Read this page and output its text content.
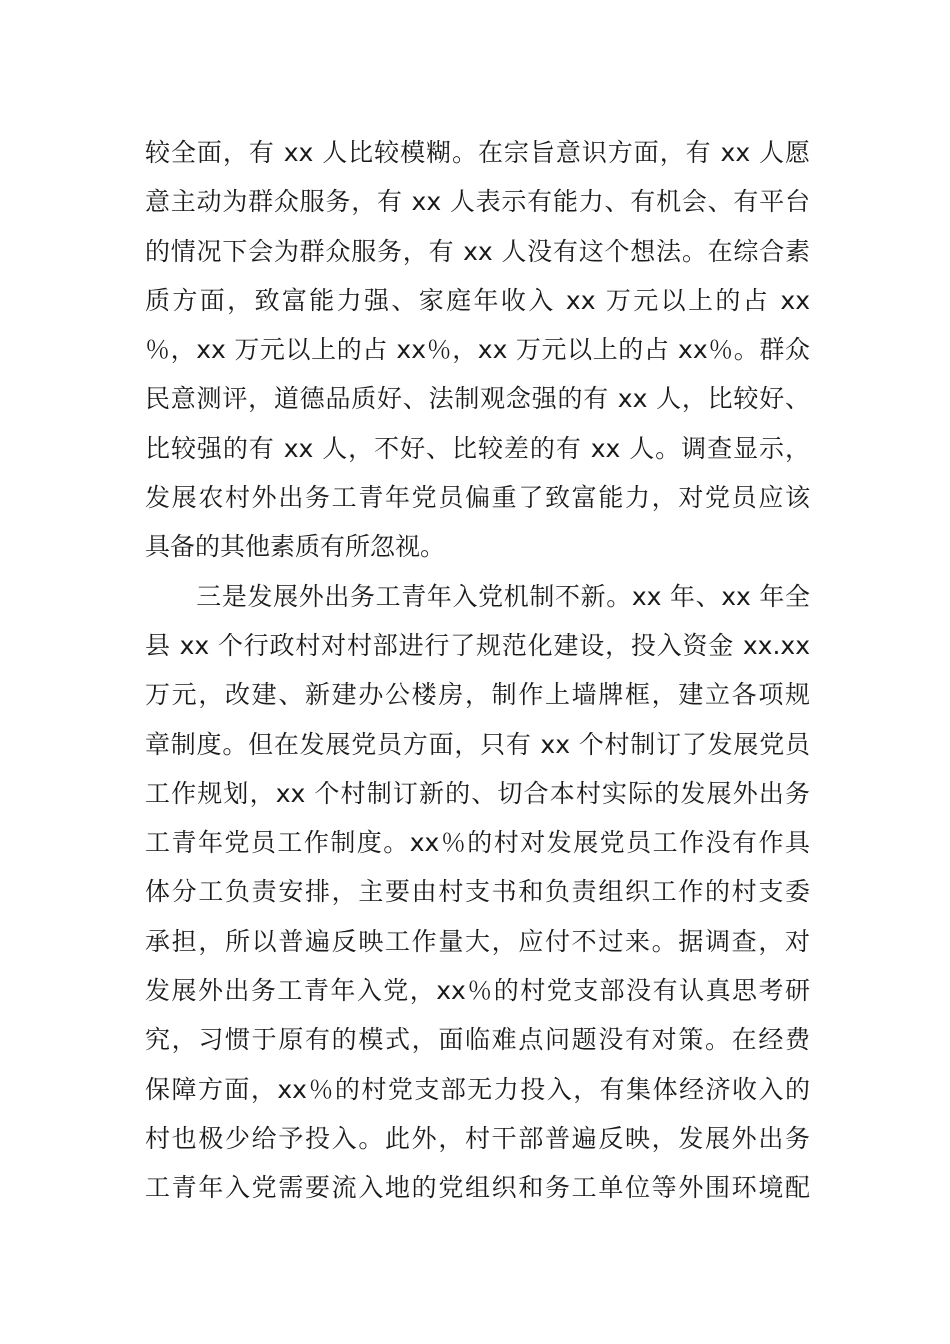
较全面，有 xx 人比较模糊。在宗旨意识方面，有 xx 人愿
意主动为群众服务，有 xx 人表示有能力、有机会、有平台
的情况下会为群众服务，有 xx 人没有这个想法。在综合素
质方面，致富能力强、家庭年收入 xx 万元以上的占 xx
％，xx 万元以上的占 xx％，xx 万元以上的占 xx％。群众
民意测评，道德品质好、法制观念强的有 xx 人，比较好、
比较强的有 xx 人，不好、比较差的有 xx 人。调查显示，
发展农村外出务工青年党员偏重了致富能力，对党员应该
具备的其他素质有所忽视。
　　三是发展外出务工青年入党机制不新。xx 年、xx 年全
县 xx 个行政村对村部进行了规范化建设，投入资金 xx.xx
万元，改建、新建办公楼房，制作上墙牌框，建立各项规
章制度。但在发展党员方面，只有 xx 个村制订了发展党员
工作规划，xx 个村制订新的、切合本村实际的发展外出务
工青年党员工作制度。xx％的村对发展党员工作没有作具
体分工负责安排，主要由村支书和负责组织工作的村支委
承担，所以普遍反映工作量大，应付不过来。据调查，对
发展外出务工青年入党，xx％的村党支部没有认真思考研
究，习惯于原有的模式，面临难点问题没有对策。在经费
保障方面，xx％的村党支部无力投入，有集体经济收入的
村也极少给予投入。此外，村干部普遍反映，发展外出务
工青年入党需要流入地的党组织和务工单位等外围环境配
